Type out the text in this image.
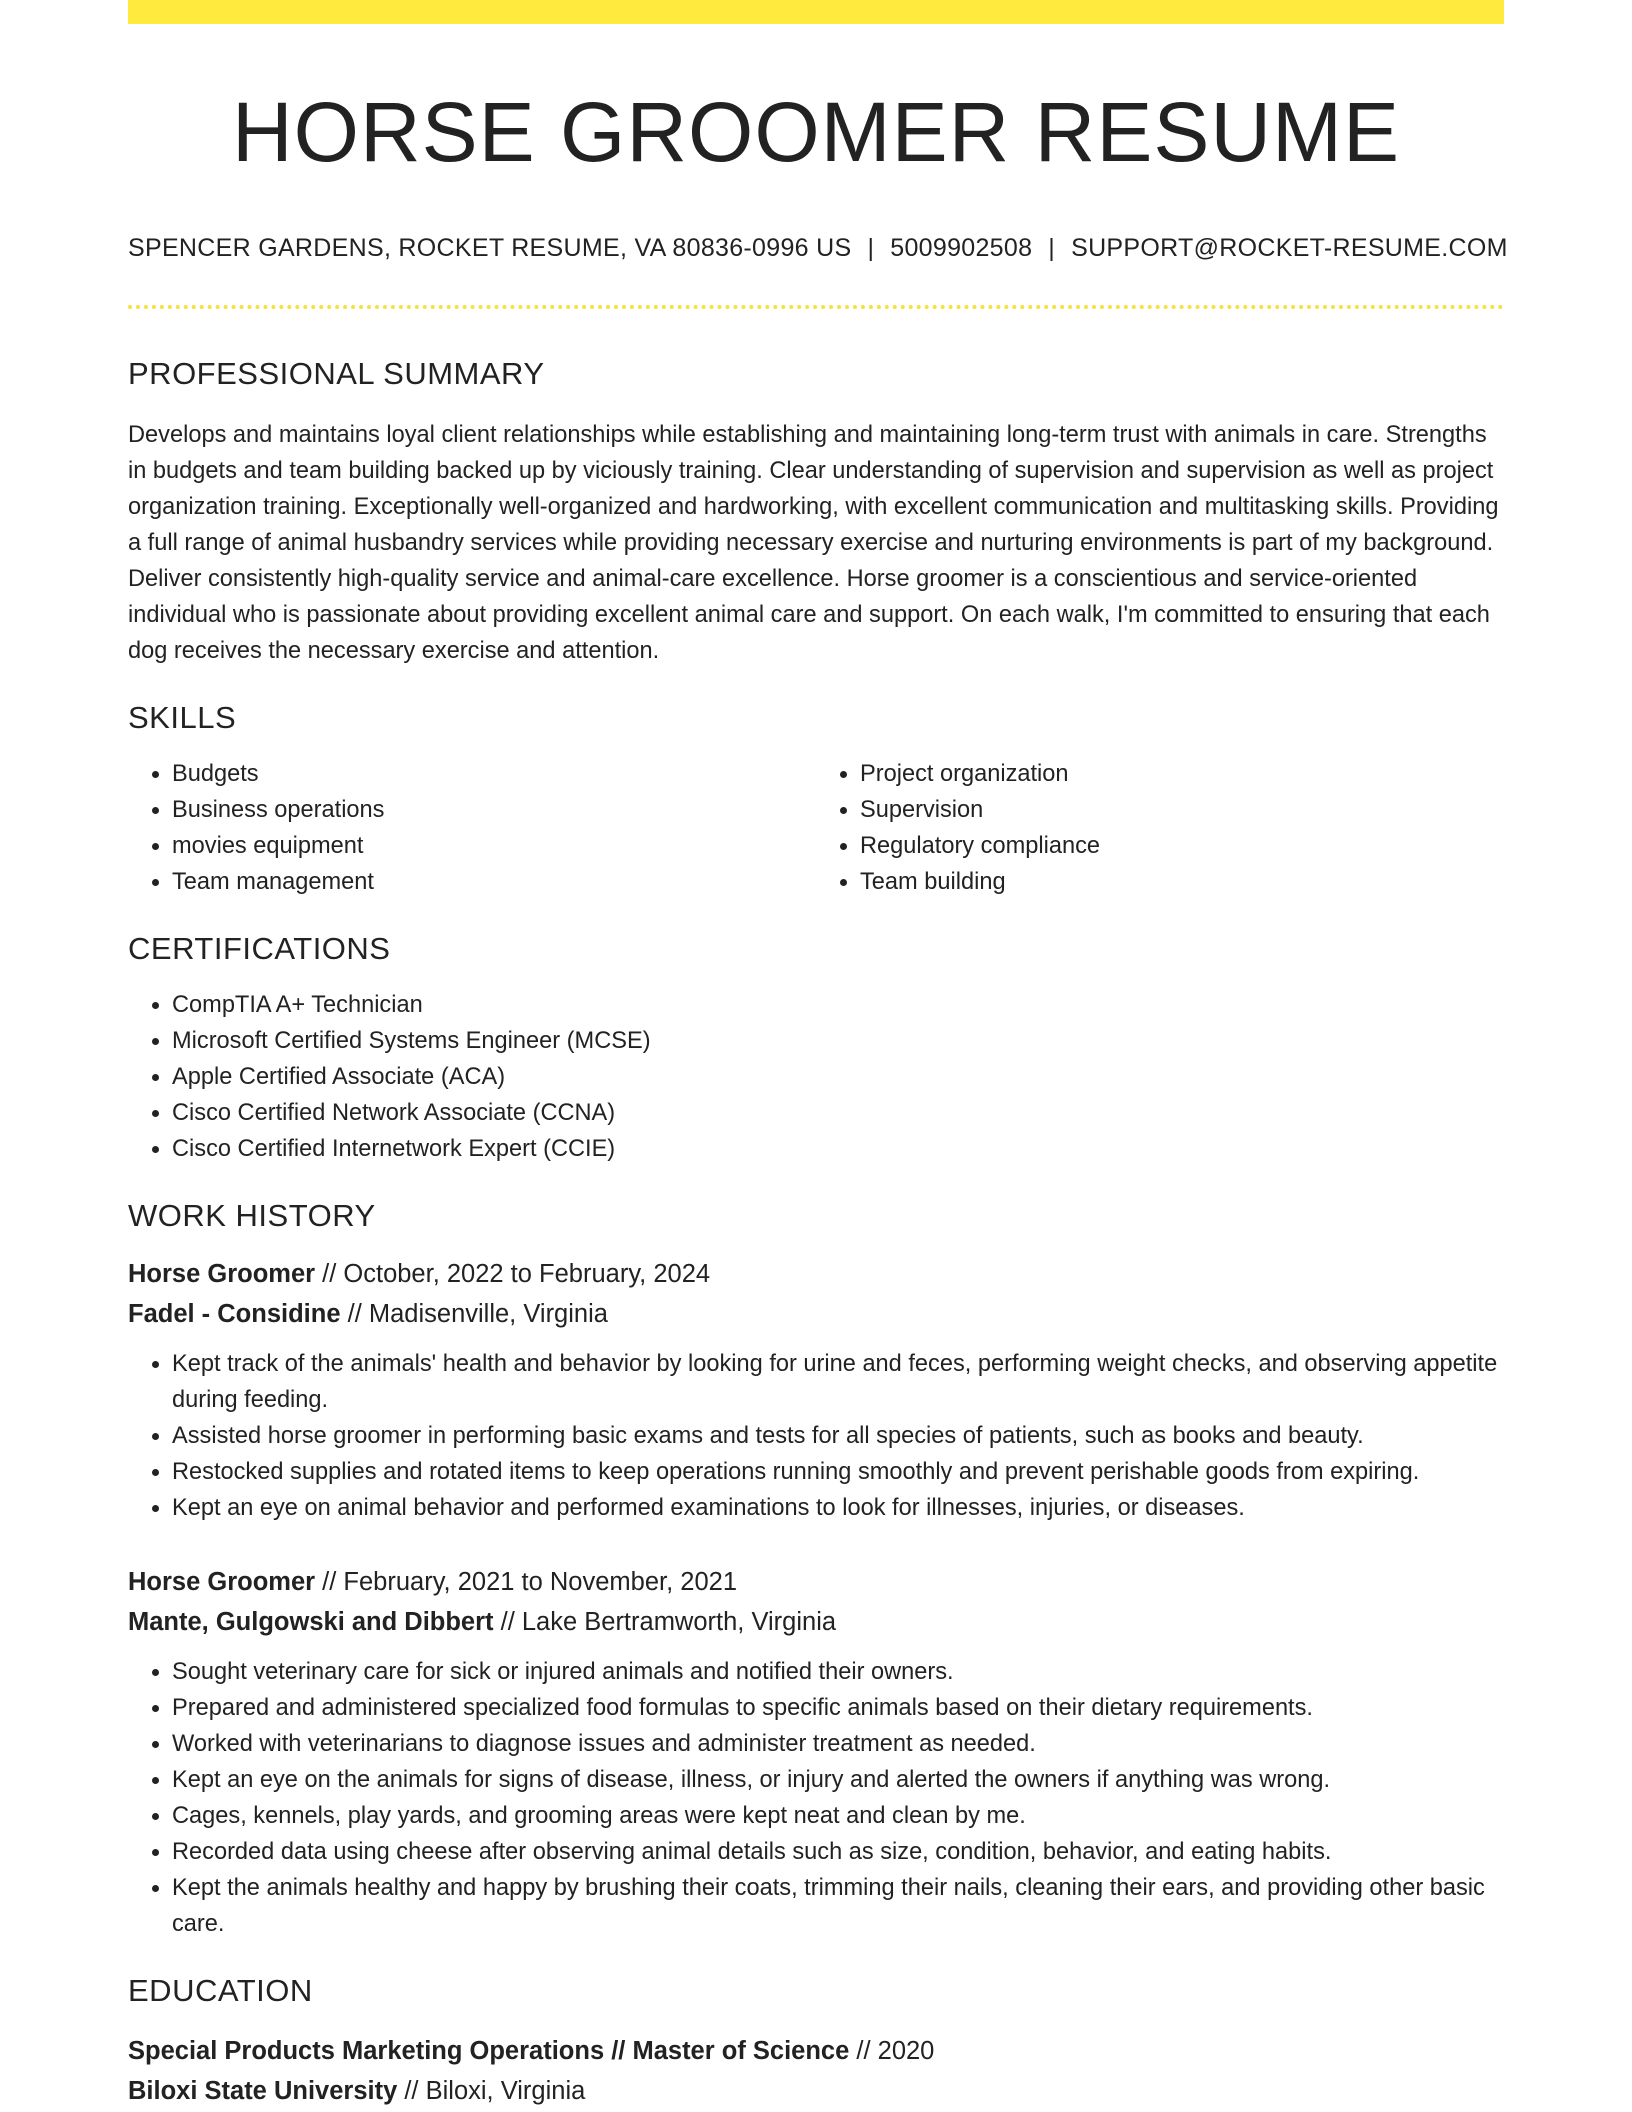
HORSE GROOMER RESUME
SPENCER GARDENS, ROCKET RESUME, VA 80836-0996 US | 5009902508 | SUPPORT@ROCKET-RESUME.COM
PROFESSIONAL SUMMARY
Develops and maintains loyal client relationships while establishing and maintaining long-term trust with animals in care. Strengths in budgets and team building backed up by viciously training. Clear understanding of supervision and supervision as well as project organization training. Exceptionally well-organized and hardworking, with excellent communication and multitasking skills. Providing a full range of animal husbandry services while providing necessary exercise and nurturing environments is part of my background. Deliver consistently high-quality service and animal-care excellence. Horse groomer is a conscientious and service-oriented individual who is passionate about providing excellent animal care and support. On each walk, I'm committed to ensuring that each dog receives the necessary exercise and attention.
SKILLS
• Budgets
• Business operations
• movies equipment
• Team management
• Project organization
• Supervision
• Regulatory compliance
• Team building
CERTIFICATIONS
• CompTIA A+ Technician
• Microsoft Certified Systems Engineer (MCSE)
• Apple Certified Associate (ACA)
• Cisco Certified Network Associate (CCNA)
• Cisco Certified Internetwork Expert (CCIE)
WORK HISTORY
Horse Groomer // October, 2022 to February, 2024
Fadel - Considine // Madisenville, Virginia
• Kept track of the animals' health and behavior by looking for urine and feces, performing weight checks, and observing appetite during feeding.
• Assisted horse groomer in performing basic exams and tests for all species of patients, such as books and beauty.
• Restocked supplies and rotated items to keep operations running smoothly and prevent perishable goods from expiring.
• Kept an eye on animal behavior and performed examinations to look for illnesses, injuries, or diseases.
Horse Groomer // February, 2021 to November, 2021
Mante, Gulgowski and Dibbert // Lake Bertramworth, Virginia
• Sought veterinary care for sick or injured animals and notified their owners.
• Prepared and administered specialized food formulas to specific animals based on their dietary requirements.
• Worked with veterinarians to diagnose issues and administer treatment as needed.
• Kept an eye on the animals for signs of disease, illness, or injury and alerted the owners if anything was wrong.
• Cages, kennels, play yards, and grooming areas were kept neat and clean by me.
• Recorded data using cheese after observing animal details such as size, condition, behavior, and eating habits.
• Kept the animals healthy and happy by brushing their coats, trimming their nails, cleaning their ears, and providing other basic care.
EDUCATION
Special Products Marketing Operations // Master of Science // 2020
Biloxi State University // Biloxi, Virginia
